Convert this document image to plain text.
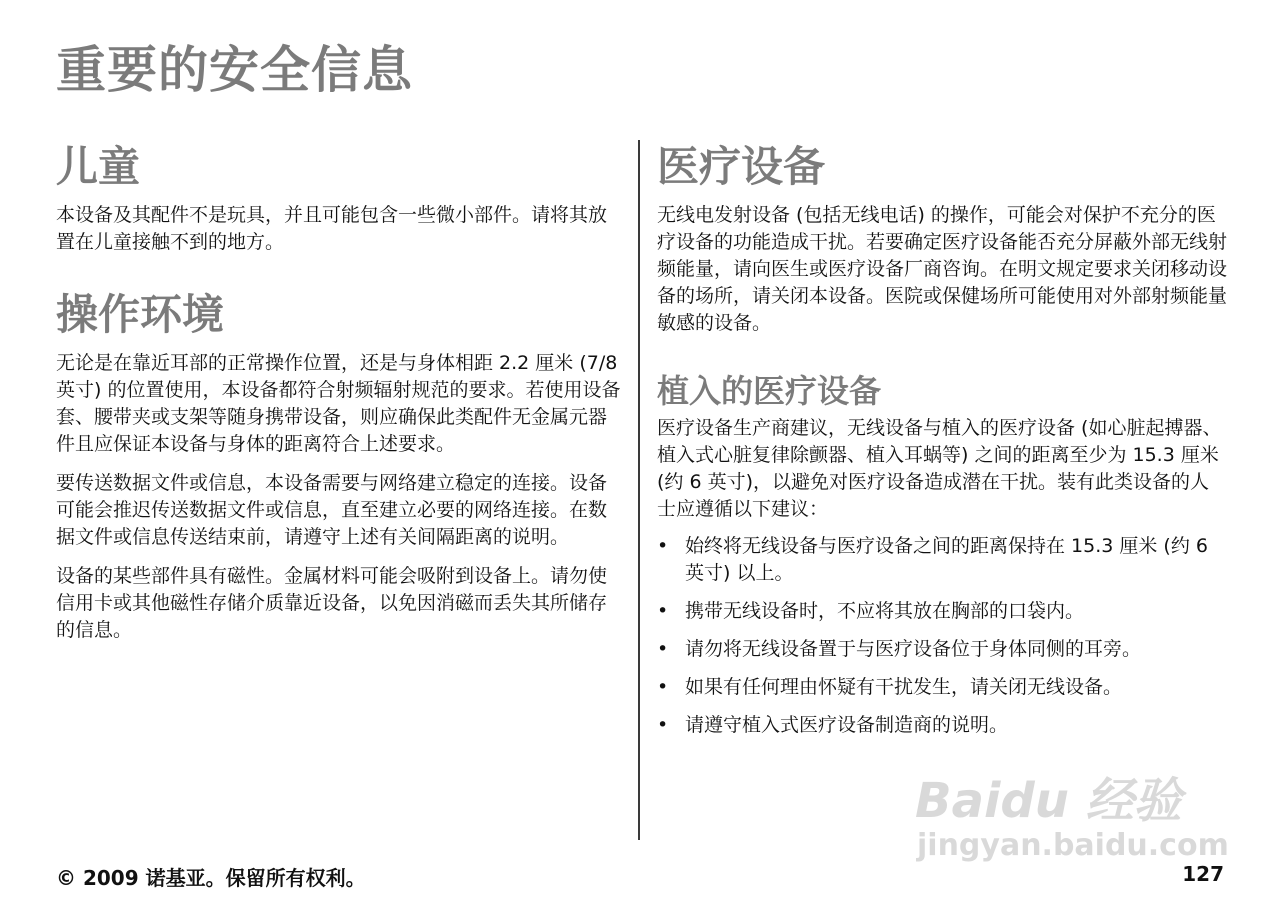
重要的安全信息
儿童

本设备及其配件不是玩具，并且可能包含一些微小部件。请将其放置在儿童接触不到的地方。

操作环境

无论是在靠近耳部的正常操作位置，还是与身体相距 2.2 厘米 (7/8 英寸) 的位置使用，本设备都符合射频辐射规范的要求。若使用设备套、腰带夹或支架等随身携带设备，则应确保此类配件无金属元器件且应保证本设备与身体的距离符合上述要求。

要传送数据文件或信息，本设备需要与网络建立稳定的连接。设备可能会推迟传送数据文件或信息，直至建立必要的网络连接。在数据文件或信息传送结束前，请遵守上述有关间隔距离的说明。

设备的某些部件具有磁性。金属材料可能会吸附到设备上。请勿使信用卡或其他磁性存储介质靠近设备，以免因消磁而丢失其所储存的信息。

医疗设备

无线电发射设备 (包括无线电话) 的操作，可能会对保护不充分的医疗设备的功能造成干扰。若要确定医疗设备能否充分屏蔽外部无线射频能量，请向医生或医疗设备厂商咨询。在明文规定要求关闭移动设备的场所，请关闭本设备。医院或保健场所可能使用对外部射频能量敏感的设备。

植入的医疗设备

医疗设备生产商建议，无线设备与植入的医疗设备 (如心脏起搏器、植入式心脏复律除颤器、植入耳蜗等) 之间的距离至少为 15.3 厘米 (约 6 英寸)，以避免对医疗设备造成潜在干扰。装有此类设备的人士应遵循以下建议：

• 始终将无线设备与医疗设备之间的距离保持在 15.3 厘米 (约 6 英寸) 以上。
• 携带无线设备时，不应将其放在胸部的口袋内。
• 请勿将无线设备置于与医疗设备位于身体同侧的耳旁。
• 如果有任何理由怀疑有干扰发生，请关闭无线设备。
• 请遵守植入式医疗设备制造商的说明。
Baidu 经验
jingyan.baidu.com
© 2009 诺基亚。保留所有权利。	127
